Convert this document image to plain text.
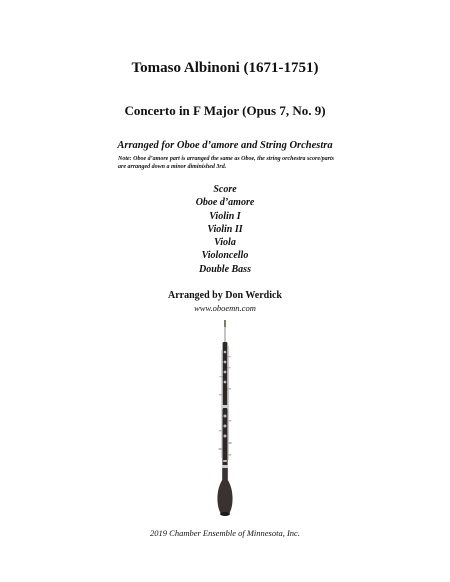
Tomaso Albinoni (1671-1751)
Concerto in F Major (Opus 7, No. 9)
Arranged for Oboe d’amore and String Orchestra
Note: Oboe d’amore part is arranged the same as Oboe, the string orchestra score/parts are arranged down a minor diminished 3rd.
Score
Oboe d’amore
Violin I
Violin II
Viola
Violoncello
Double Bass
Arranged by Don Werdick
www.oboemn.com
2019 Chamber Ensemble of Minnesota, Inc.
